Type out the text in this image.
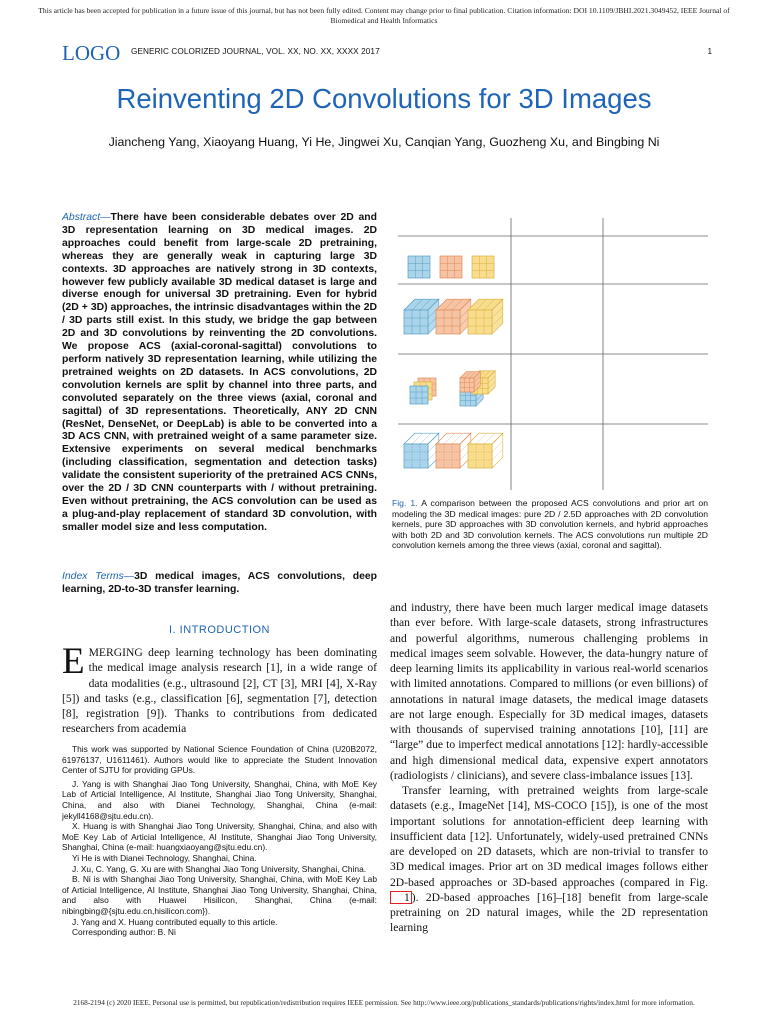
This article has been accepted for publication in a future issue of this journal, but has not been fully edited. Content may change prior to final publication. Citation information: DOI 10.1109/JBHI.2021.3049452, IEEE Journal of Biomedical and Health Informatics
LOGO GENERIC COLORIZED JOURNAL, VOL. XX, NO. XX, XXXX 2017	1
Reinventing 2D Convolutions for 3D Images
Jiancheng Yang, Xiaoyang Huang, Yi He, Jingwei Xu, Canqian Yang, Guozheng Xu, and Bingbing Ni
Abstract—There have been considerable debates over 2D and 3D representation learning on 3D medical images. 2D approaches could benefit from large-scale 2D pretraining, whereas they are generally weak in capturing large 3D contexts. 3D approaches are natively strong in 3D contexts, however few publicly available 3D medical dataset is large and diverse enough for universal 3D pretraining. Even for hybrid (2D + 3D) approaches, the intrinsic disadvantages within the 2D / 3D parts still exist. In this study, we bridge the gap between 2D and 3D convolutions by reinventing the 2D convolutions. We propose ACS (axial-coronal-sagittal) convolutions to perform natively 3D representation learning, while utilizing the pretrained weights on 2D datasets. In ACS convolutions, 2D convolution kernels are split by channel into three parts, and convoluted separately on the three views (axial, coronal and sagittal) of 3D representations. Theoretically, ANY 2D CNN (ResNet, DenseNet, or DeepLab) is able to be converted into a 3D ACS CNN, with pretrained weight of a same parameter size. Extensive experiments on several medical benchmarks (including classification, segmentation and detection tasks) validate the consistent superiority of the pretrained ACS CNNs, over the 2D / 3D CNN counterparts with / without pretraining. Even without pretraining, the ACS convolution can be used as a plug-and-play replacement of standard 3D convolution, with smaller model size and less computation.
Index Terms—3D medical images, ACS convolutions, deep learning, 2D-to-3D transfer learning.
I. INTRODUCTION
EMERGING deep learning technology has been dominating the medical image analysis research [1], in a wide range of data modalities (e.g., ultrasound [2], CT [3], MRI [4], X-Ray [5]) and tasks (e.g., classification [6], segmentation [7], detection [8], registration [9]). Thanks to contributions from dedicated researchers from academia

This work was supported by National Science Foundation of China (U20B2072, 61976137, U1611461). Authors would like to appreciate the Student Innovation Center of SJTU for providing GPUs.

J. Yang is with Shanghai Jiao Tong University, Shanghai, China, with MoE Key Lab of Articial Intelligence, AI Institute, Shanghai Jiao Tong University, Shanghai, China, and also with Dianei Technology, Shanghai, China (e-mail: jekyll4168@sjtu.edu.cn).

X. Huang is with Shanghai Jiao Tong University, Shanghai, China, and also with MoE Key Lab of Articial Intelligence, AI Institute, Shanghai Jiao Tong University, Shanghai, China (e-mail: huangxiaoyang@sjtu.edu.cn).

Yi He is with Dianei Technology, Shanghai, China.

J. Xu, C. Yang, G. Xu are with Shanghai Jiao Tong University, Shanghai, China.

B. Ni is with Shanghai Jiao Tong University, Shanghai, China, with MoE Key Lab of Articial Intelligence, AI Institute, Shanghai Jiao Tong University, Shanghai, China, and also with Huawei Hisilicon, Shanghai, China (e-mail: nibingbing@{sjtu.edu.cn,hisilicon.com}).

J. Yang and X. Huang contributed equally to this article.

Corresponding author: B. Ni

Fig. 1. A comparison between the proposed ACS convolutions and prior art on modeling the 3D medical images: pure 2D / 2.5D approaches with 2D convolution kernels, pure 3D approaches with 3D convolution kernels, and hybrid approaches with both 2D and 3D convolution kernels. The ACS convolutions run multiple 2D convolution kernels among the three views (axial, coronal and sagittal).

and industry, there have been much larger medical image datasets than ever before. With large-scale datasets, strong infrastructures and powerful algorithms, numerous challenging problems in medical images seem solvable. However, the data-hungry nature of deep learning limits its applicability in various real-world scenarios with limited annotations. Compared to millions (or even billions) of annotations in natural image datasets, the medical image datasets are not large enough. Especially for 3D medical images, datasets with thousands of supervised training annotations [10], [11] are “large” due to imperfect medical annotations [12]: hardly-accessible and high dimensional medical data, expensive expert annotators (radiologists / clinicians), and severe class-imbalance issues [13].

Transfer learning, with pretrained weights from large-scale datasets (e.g., ImageNet [14], MS-COCO [15]), is one of the most important solutions for annotation-efficient deep learning with insufficient data [12]. Unfortunately, widely-used pretrained CNNs are developed on 2D datasets, which are non-trivial to transfer to 3D medical images. Prior art on 3D medical images follows either 2D-based approaches or 3D-based approaches (compared in Fig. 1 ). 2D-based approaches [16]–[18] benefit from large-scale pretraining on 2D natural images, while the 2D representation learning

2168-2194 (c) 2020 IEEE. Personal use is permitted, but republication/redistribution requires IEEE permission. See http://www.ieee.org/publications_standards/publications/rights/index.html for more information.
